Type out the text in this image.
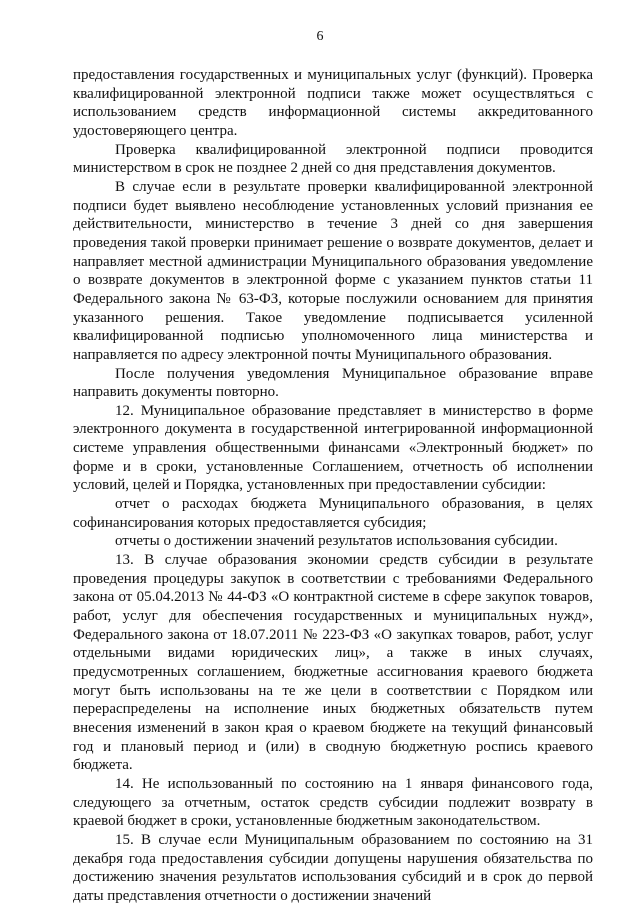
6

предоставления государственных и муниципальных услуг (функций). Проверка квалифицированной электронной подписи также может осуществляться с использованием средств информационной системы аккредитованного удостоверяющего центра.

Проверка квалифицированной электронной подписи проводится министерством в срок не позднее 2 дней со дня представления документов.

В случае если в результате проверки квалифицированной электронной подписи будет выявлено несоблюдение установленных условий признания ее действительности, министерство в течение 3 дней со дня завершения проведения такой проверки принимает решение о возврате документов, делает и направляет местной администрации Муниципального образования уведомление о возврате документов в электронной форме с указанием пунктов статьи 11 Федерального закона № 63-ФЗ, которые послужили основанием для принятия указанного решения. Такое уведомление подписывается усиленной квалифицированной подписью уполномоченного лица министерства и направляется по адресу электронной почты Муниципального образования.

После получения уведомления Муниципальное образование вправе направить документы повторно.

12. Муниципальное образование представляет в министерство в форме электронного документа в государственной интегрированной информационной системе управления общественными финансами «Электронный бюджет» по форме и в сроки, установленные Соглашением, отчетность об исполнении условий, целей и Порядка, установленных при предоставлении субсидии:

отчет о расходах бюджета Муниципального образования, в целях софинансирования которых предоставляется субсидия;

отчеты о достижении значений результатов использования субсидии.

13. В случае образования экономии средств субсидии в результате проведения процедуры закупок в соответствии с требованиями Федерального закона от 05.04.2013 № 44-ФЗ «О контрактной системе в сфере закупок товаров, работ, услуг для обеспечения государственных и муниципальных нужд», Федерального закона от 18.07.2011 № 223-ФЗ «О закупках товаров, работ, услуг отдельными видами юридических лиц», а также в иных случаях, предусмотренных соглашением, бюджетные ассигнования краевого бюджета могут быть использованы на те же цели в соответствии с Порядком или перераспределены на исполнение иных бюджетных обязательств путем внесения изменений в закон края о краевом бюджете на текущий финансовый год и плановый период и (или) в сводную бюджетную роспись краевого бюджета.

14. Не использованный по состоянию на 1 января финансового года, следующего за отчетным, остаток средств субсидии подлежит возврату в краевой бюджет в сроки, установленные бюджетным законодательством.

15. В случае если Муниципальным образованием по состоянию на 31 декабря года предоставления субсидии допущены нарушения обязательства по достижению значения результатов использования субсидий и в срок до первой даты представления отчетности о достижении значений
